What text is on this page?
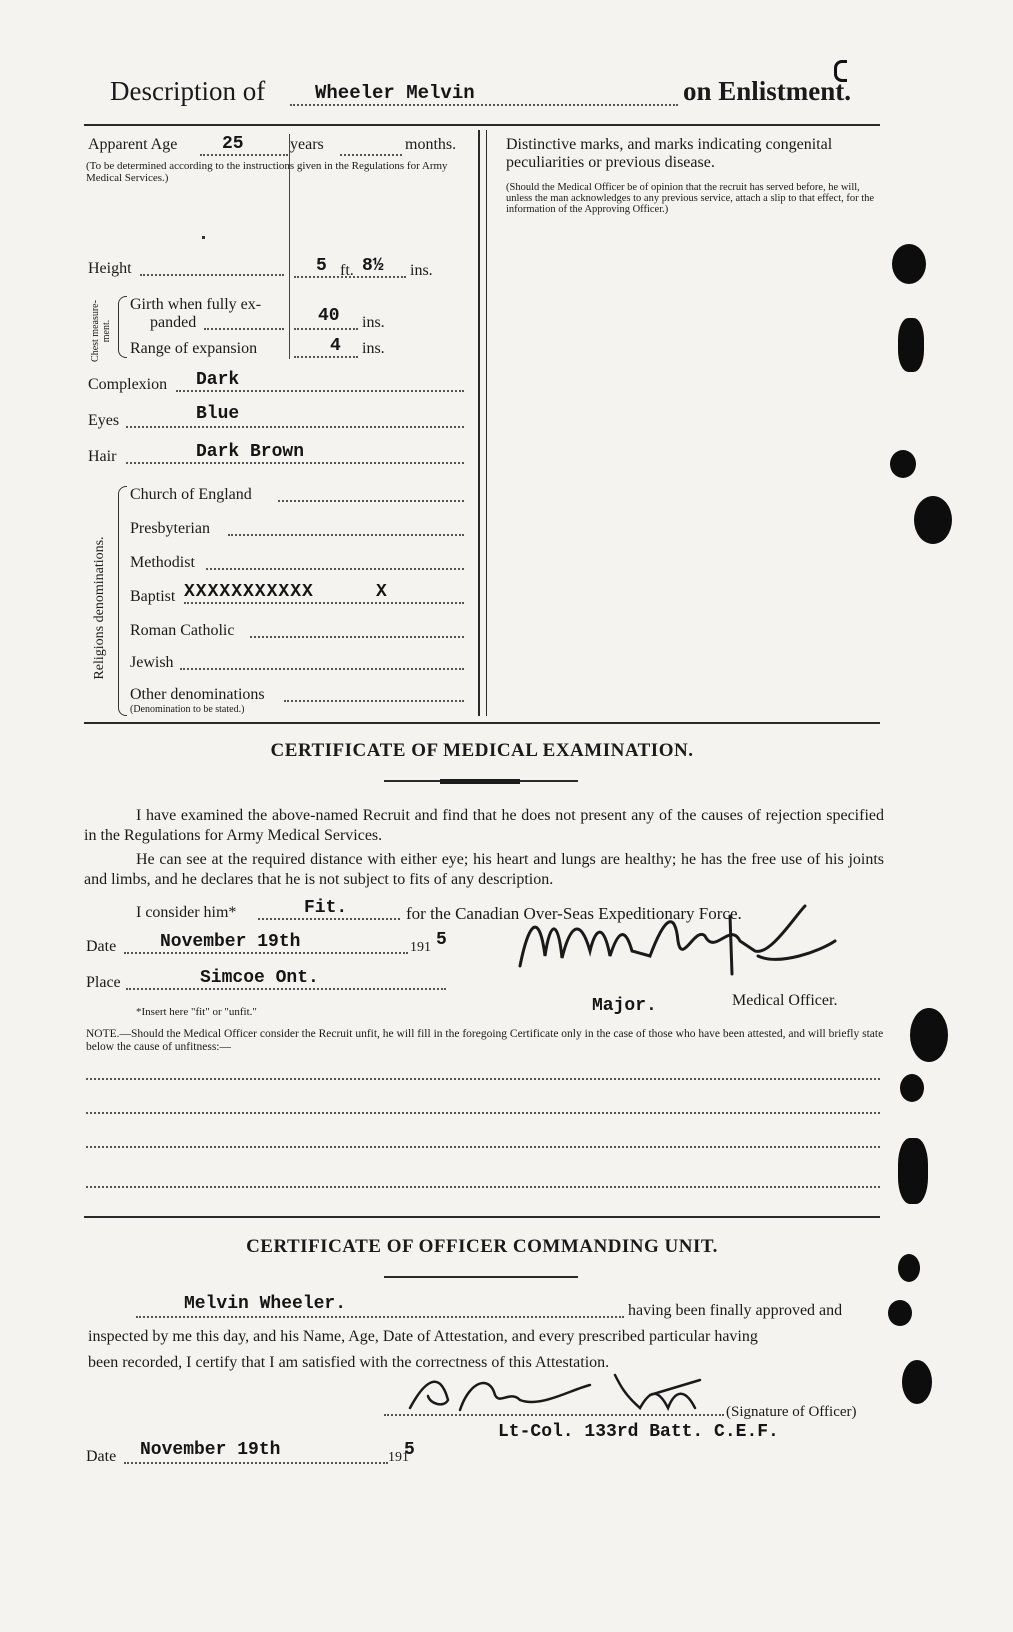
Description of	Wheeler Melvin	on Enlistment.
Apparent Age 25	years	months.
(To be determined according to the instructions given in the Regulations for Army Medical Services.)
Height	5 ft. 8½ ins.
Chest measure-ment.
Girth when fully ex-
panded	40 ins.
Range of expansion	4 ins.
Complexion Dark
Eyes	Blue
Hair	Dark Brown
Religions denominations.
Church of England
Presbyterian
Methodist
Baptist XXXXXXXXXXX	X
Roman Catholic
Jewish
Other denominations
(Denomination to be stated.)
Distinctive marks, and marks indicating congenital peculiarities or previous disease.
(Should the Medical Officer be of opinion that the recruit has served before, he will, unless the man acknowledges to any previous service, attach a slip to that effect, for the information of the Approving Officer.)
CERTIFICATE OF MEDICAL EXAMINATION.
I have examined the above-named Recruit and find that he does not present any of the causes of rejection specified in the Regulations for Army Medical Services.
He can see at the required distance with either eye; his heart and lungs are healthy; he has the free use of his joints and limbs, and he declares that he is not subject to fits of any description.
I consider him*	Fit.	for the Canadian Over-Seas Expeditionary Force.
Date November 19th	191 5
Place	Simcoe Ont.
*Insert here "fit" or "unfit."	Major.	Medical Officer.
NOTE.—Should the Medical Officer consider the Recruit unfit, he will fill in the foregoing Certificate only in the case of those who have been attested, and will briefly state below the cause of unfitness:—
CERTIFICATE OF OFFICER COMMANDING UNIT.
Melvin Wheeler.	having been finally approved and
inspected by me this day, and his Name, Age, Date of Attestation, and every prescribed particular having
been recorded, I certify that I am satisfied with the correctness of this Attestation.
(Signature of Officer)
Lt-Col. 133rd Batt. C.E.F.
Date November 19th	191
5
